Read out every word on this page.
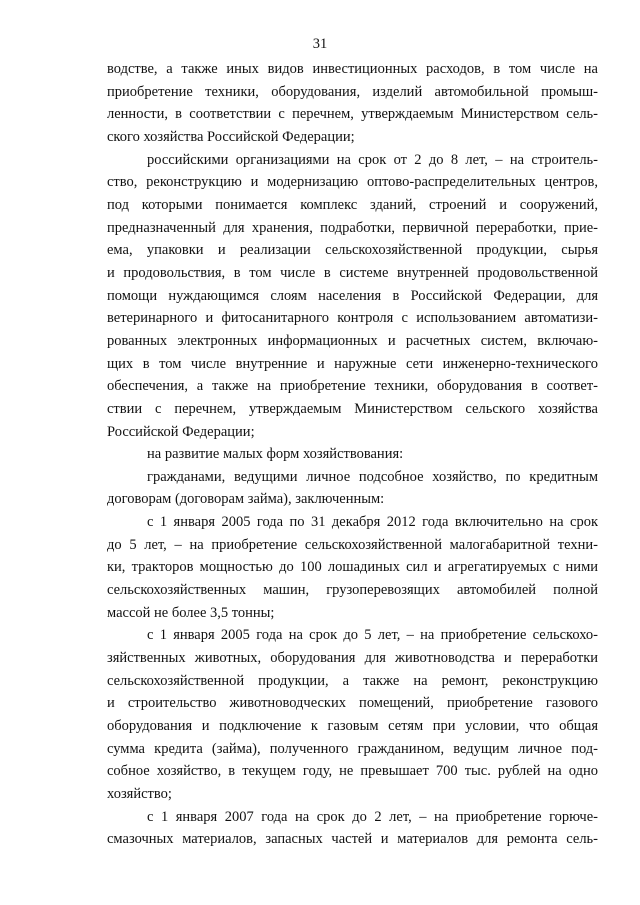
31
водстве, а также иных видов инвестиционных расходов, в том числе на
приобретение техники, оборудования, изделий автомобильной промыш-
ленности, в соответствии с перечнем, утверждаемым Министерством сель-
ского хозяйства Российской Федерации;
российскими организациями на срок от 2 до 8 лет, – на строитель-
ство, реконструкцию и модернизацию оптово-распределительных центров,
под которыми понимается комплекс зданий, строений и сооружений,
предназначенный для хранения, подработки, первичной переработки, прие-
ема, упаковки и реализации сельскохозяйственной продукции, сырья
и продовольствия, в том числе в системе внутренней продовольственной
помощи нуждающимся слоям населения в Российской Федерации, для
ветеринарного и фитосанитарного контроля с использованием автоматизи-
рованных электронных информационных и расчетных систем, включаю-
щих в том числе внутренние и наружные сети инженерно-технического
обеспечения, а также на приобретение техники, оборудования в соответ-
ствии с перечнем, утверждаемым Министерством сельского хозяйства
Российской Федерации;
на развитие малых форм хозяйствования:
гражданами, ведущими личное подсобное хозяйство, по кредитным
договорам (договорам займа), заключенным:
с 1 января 2005 года по 31 декабря 2012 года включительно на срок
до 5 лет, – на приобретение сельскохозяйственной малогабаритной техни-
ки, тракторов мощностью до 100 лошадиных сил и агрегатируемых с ними
сельскохозяйственных машин, грузоперевозящих автомобилей полной
массой не более 3,5 тонны;
с 1 января 2005 года на срок до 5 лет, – на приобретение сельскохо-
зяйственных животных, оборудования для животноводства и переработки
сельскохозяйственной продукции, а также на ремонт, реконструкцию
и строительство животноводческих помещений, приобретение газового
оборудования и подключение к газовым сетям при условии, что общая
сумма кредита (займа), полученного гражданином, ведущим личное под-
собное хозяйство, в текущем году, не превышает 700 тыс. рублей на одно
хозяйство;
с 1 января 2007 года на срок до 2 лет, – на приобретение горюче-
смазочных материалов, запасных частей и материалов для ремонта сель-
